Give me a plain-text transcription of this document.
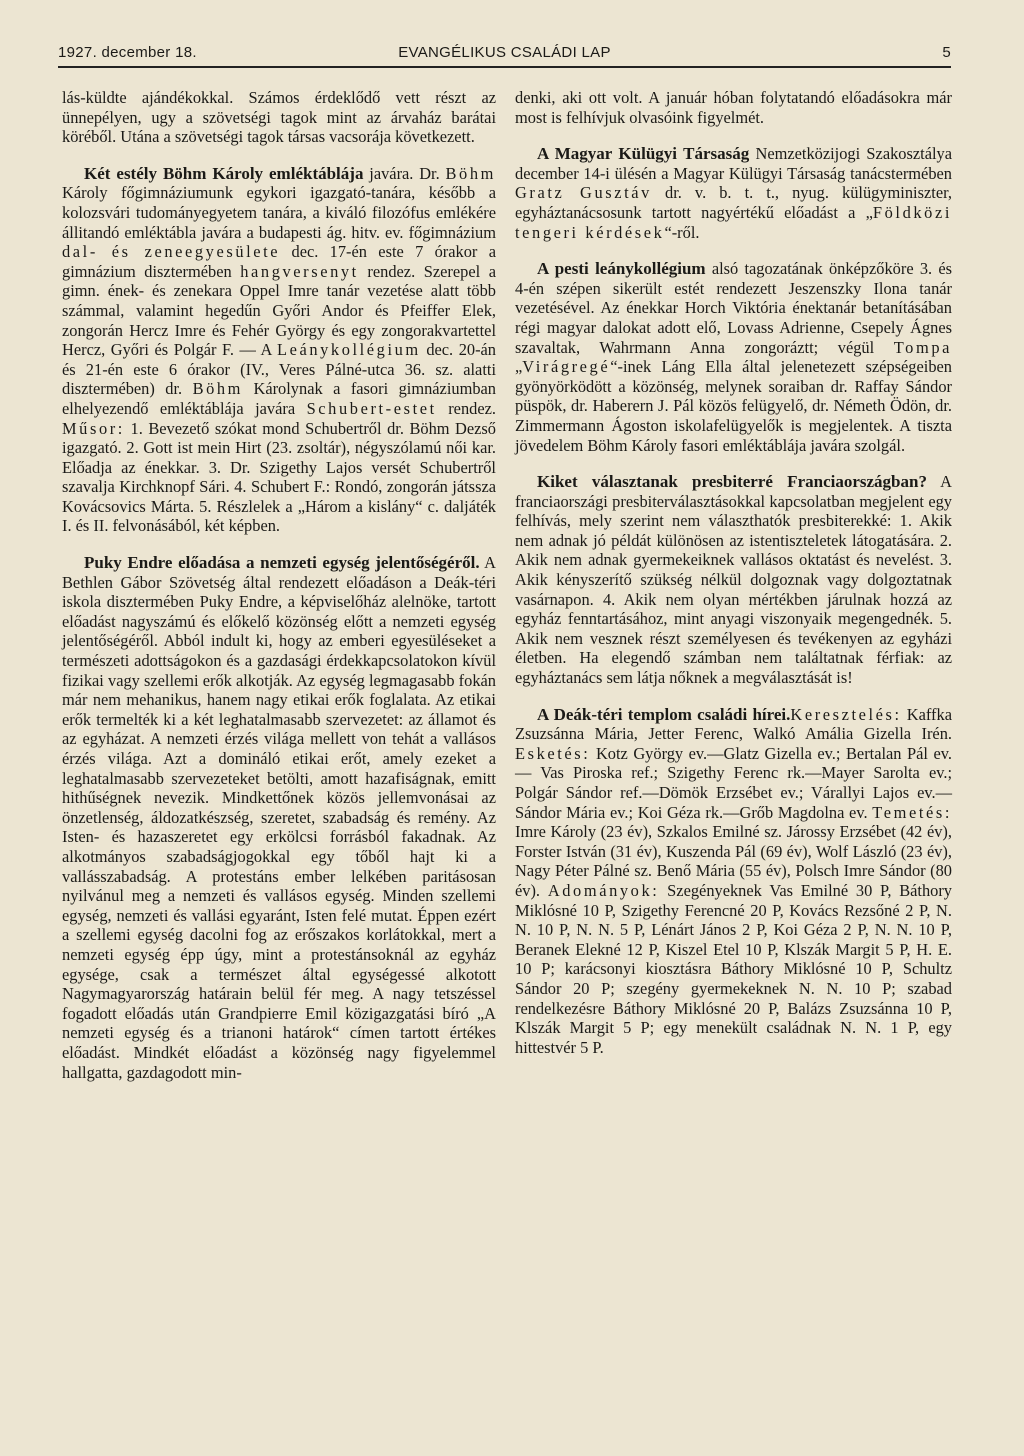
1927. december 18.	EVANGÉLIKUS CSALÁDI LAP	5

lás-küldte ajándékokkal. Számos érdeklődő vett részt az ünnepélyen, ugy a szövetségi tagok mint az árvaház barátai köréből. Utána a szövetségi tagok társas vacsorája következett.

Két estély Böhm Károly emléktáblája javára. Dr. Böhm Károly főgimnáziumunk egykori igazgató-tanára, később a kolozsvári tudományegyetem tanára, a kiváló filozófus emlékére állitandó emléktábla javára a budapesti ág. hitv. ev. főgimnázium dal- és zeneegyesülete dec. 17-én este 7 órakor a gimnázium disztermében hangversenyt rendez. Szerepel a gimn. ének- és zenekara Oppel Imre tanár vezetése alatt több számmal, valamint hegedűn Győri Andor és Pfeiffer Elek, zongorán Hercz Imre és Fehér György és egy zongorakvartettel Hercz, Győri és Polgár F. — A Leánykollégium dec. 20-án és 21-én este 6 órakor (IV., Veres Pálné-utca 36. sz. alatti disztermében) dr. Böhm Károlynak a fasori gimnáziumban elhelyezendő emléktáblája javára Schubert-estet rendez. Műsor: 1. Bevezető szókat mond Schubertről dr. Böhm Dezső igazgató. 2. Gott ist mein Hirt (23. zsoltár), négyszólamú női kar. Előadja az énekkar. 3. Dr. Szigethy Lajos versét Schubertről szavalja Kirchknopf Sári. 4. Schubert F.: Rondó, zongorán játssza Kovácsovics Márta. 5. Részlelek a „Három a kislány“ c. daljáték I. és II. felvonásából, két képben.

Puky Endre előadása a nemzeti egység jelentőségéről. A Bethlen Gábor Szövetség által rendezett előadáson a Deák-téri iskola disztermében Puky Endre, a képviselőház alelnöke, tartott előadást nagyszámú és előkelő közönség előtt a nemzeti egység jelentőségéről. Abból indult ki, hogy az emberi egyesüléseket a természeti adottságokon és a gazdasági érdekkapcsolatokon kívül fizikai vagy szellemi erők alkotják. Az egység legmagasabb fokán már nem mehanikus, hanem nagy etikai erők foglalata. Az etikai erők termelték ki a két leghatalmasabb szervezetet: az államot és az egyházat. A nemzeti érzés világa mellett von tehát a vallásos érzés világa. Azt a domináló etikai erőt, amely ezeket a leghatalmasabb szervezeteket betölti, amott hazafiságnak, emitt hithűségnek nevezik. Mindkettőnek közös jellemvonásai az önzetlenség, áldozatkészség, szeretet, szabadság és remény. Az Isten- és hazaszeretet egy erkölcsi forrásból fakadnak. Az alkotmányos szabadságjogokkal egy tőből hajt ki a vallásszabadság. A protestáns ember lelkében paritásosan nyilvánul meg a nemzeti és vallásos egység. Minden szellemi egység, nemzeti és vallási egyaránt, Isten felé mutat. Éppen ezért a szellemi egység dacolni fog az erőszakos korlátokkal, mert a nemzeti egység épp úgy, mint a protestánsoknál az egyház egysége, csak a természet által egységessé alkotott Nagymagyarország határain belül fér meg. A nagy tetszéssel fogadott előadás után Grandpierre Emil közigazgatási bíró „A nemzeti egység és a trianoni határok“ címen tartott értékes előadást. Mindkét előadást a közönség nagy figyelemmel hallgatta, gazdagodott min-

denki, aki ott volt. A január hóban folytatandó előadásokra már most is felhívjuk olvasóink figyelmét.

A Magyar Külügyi Társaság Nemzetközijogi Szakosztálya december 14-i ülésén a Magyar Külügyi Társaság tanácstermében Gratz Gusztáv dr. v. b. t. t., nyug. külügyminiszter, egyháztanácsosunk tartott nagyértékű előadást a „Földközi tengeri kérdések“-ről.

A pesti leánykollégium alsó tagozatának önképzőköre 3. és 4-én szépen sikerült estét rendezett Jeszenszky Ilona tanár vezetésével. Az énekkar Horch Viktória énektanár betanításában régi magyar dalokat adott elő, Lovass Adrienne, Csepely Ágnes szavaltak, Wahrmann Anna zongoráztt; végül Tompa „Virágregé“-inek Láng Ella által jelenetezett szépségeiben gyönyörködött a közönség, melynek soraiban dr. Raffay Sándor püspök, dr. Haberern J. Pál közös felügyelő, dr. Németh Ödön, dr. Zimmermann Ágoston iskolafelügyelők is megjelentek. A tiszta jövedelem Böhm Károly fasori emléktáblája javára szolgál.

Kiket választanak presbiterré Franciaországban? A franciaországi presbiterválasztásokkal kapcsolatban megjelent egy felhívás, mely szerint nem választhatók presbiterekké: 1. Akik nem adnak jó példát különösen az istentiszteletek látogatására. 2. Akik nem adnak gyermekeiknek vallásos oktatást és nevelést. 3. Akik kényszerítő szükség nélkül dolgoznak vagy dolgoztatnak vasárnapon. 4. Akik nem olyan mértékben járulnak hozzá az egyház fenntartásához, mint anyagi viszonyaik megengednék. 5. Akik nem vesznek részt személyesen és tevékenyen az egyházi életben. Ha elegendő számban nem találtatnak férfiak: az egyháztanács sem látja nőknek a megválasztását is!

A Deák-téri templom családi hírei.Keresztelés: Kaffka Zsuzsánna Mária, Jetter Ferenc, Walkó Amália Gizella Irén. Esketés: Kotz György ev.—Glatz Gizella ev.; Bertalan Pál ev.— Vas Piroska ref.; Szigethy Ferenc rk.—Mayer Sarolta ev.; Polgár Sándor ref.—Dömök Erzsébet ev.; Várallyi Lajos ev.—Sándor Mária ev.; Koi Géza rk.—Grőb Magdolna ev. Temetés: Imre Károly (23 év), Szkalos Emilné sz. Járossy Erzsébet (42 év), Forster István (31 év), Kuszenda Pál (69 év), Wolf László (23 év), Nagy Péter Pálné sz. Benő Mária (55 év), Polsch Imre Sándor (80 év). Adományok: Szegényeknek Vas Emilné 30 P, Báthory Miklósné 10 P, Szigethy Ferencné 20 P, Kovács Rezsőné 2 P, N. N. 10 P, N. N. 5 P, Lénárt János 2 P, Koi Géza 2 P, N. N. 10 P, Beranek Elekné 12 P, Kiszel Etel 10 P, Klszák Margit 5 P, H. E. 10 P; karácsonyi kiosztásra Báthory Miklósné 10 P, Schultz Sándor 20 P; szegény gyermekeknek N. N. 10 P; szabad rendelkezésre Báthory Miklósné 20 P, Balázs Zsuzsánna 10 P, Klszák Margit 5 P; egy menekült családnak N. N. 1 P, egy hittestvér 5 P.
